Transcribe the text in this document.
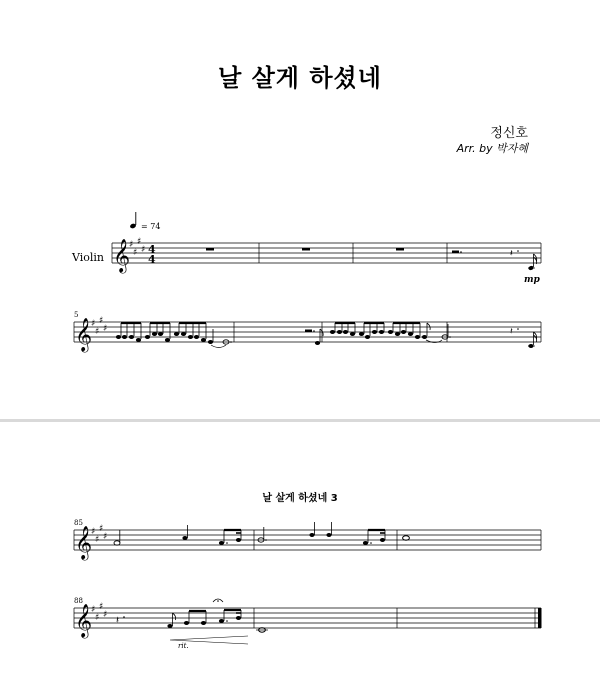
날 살게 하셨네
정신호
Arr. by 박자혜
𝄞
♯
♯
♯
♯ 4
4	𝄽
𝄞
♯
♯
♯
♯	𝄽
= 74
Violin
mp
5
날 살게 하셨네 3
𝄞
♯
♯
♯
♯
𝄞
♯
♯
♯
♯ 𝄽
85
88
rit.
